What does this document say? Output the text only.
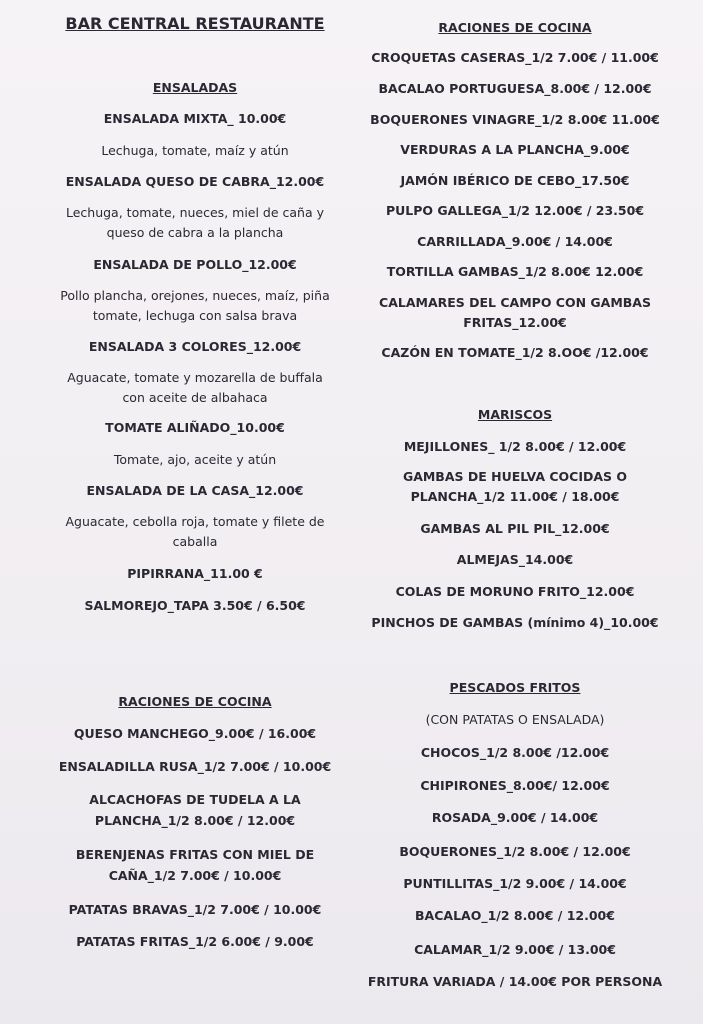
BAR CENTRAL RESTAURANTE
ENSALADAS
ENSALADA MIXTA_ 10.00€
Lechuga, tomate, maíz y atún
ENSALADA QUESO DE CABRA_12.00€
Lechuga, tomate, nueces, miel de caña y
queso de cabra a la plancha
ENSALADA DE POLLO_12.00€
Pollo plancha, orejones, nueces, maíz, piña
tomate, lechuga con salsa brava
ENSALADA 3 COLORES_12.00€
Aguacate, tomate y mozarella de buffala
con aceite de albahaca
TOMATE ALIÑADO_10.00€
Tomate, ajo, aceite y atún
ENSALADA DE LA CASA_12.00€
Aguacate, cebolla roja, tomate y filete de
caballa
PIPIRRANA_11.00 €
SALMOREJO_TAPA 3.50€ / 6.50€
RACIONES DE COCINA
QUESO MANCHEGO_9.00€ / 16.00€
ENSALADILLA RUSA_1/2 7.00€ / 10.00€
ALCACHOFAS DE TUDELA A LA
PLANCHA_1/2 8.00€ / 12.00€
BERENJENAS FRITAS CON MIEL DE
CAÑA_1/2 7.00€ / 10.00€
PATATAS BRAVAS_1/2 7.00€ / 10.00€
PATATAS FRITAS_1/2 6.00€ / 9.00€
RACIONES DE COCINA
CROQUETAS CASERAS_1/2 7.00€ / 11.00€
BACALAO PORTUGUESA_8.00€ / 12.00€
BOQUERONES VINAGRE_1/2 8.00€ 11.00€
VERDURAS A LA PLANCHA_9.00€
JAMÓN IBÉRICO DE CEBO_17.50€
PULPO GALLEGA_1/2 12.00€ / 23.50€
CARRILLADA_9.00€ / 14.00€
TORTILLA GAMBAS_1/2 8.00€ 12.00€
CALAMARES DEL CAMPO CON GAMBAS
FRITAS_12.00€
CAZÓN EN TOMATE_1/2 8.OO€ /12.00€
MARISCOS
MEJILLONES_ 1/2 8.00€ / 12.00€
GAMBAS DE HUELVA COCIDAS O
PLANCHA_1/2 11.00€ / 18.00€
GAMBAS AL PIL PIL_12.00€
ALMEJAS_14.00€
COLAS DE MORUNO FRITO_12.00€
PINCHOS DE GAMBAS (mínimo 4)_10.00€
PESCADOS FRITOS
(CON PATATAS O ENSALADA)
CHOCOS_1/2 8.00€ /12.00€
CHIPIRONES_8.00€/ 12.00€
ROSADA_9.00€ / 14.00€
BOQUERONES_1/2 8.00€ / 12.00€
PUNTILLITAS_1/2 9.00€ / 14.00€
BACALAO_1/2 8.00€ / 12.00€
CALAMAR_1/2 9.00€ / 13.00€
FRITURA VARIADA / 14.00€ POR PERSONA
